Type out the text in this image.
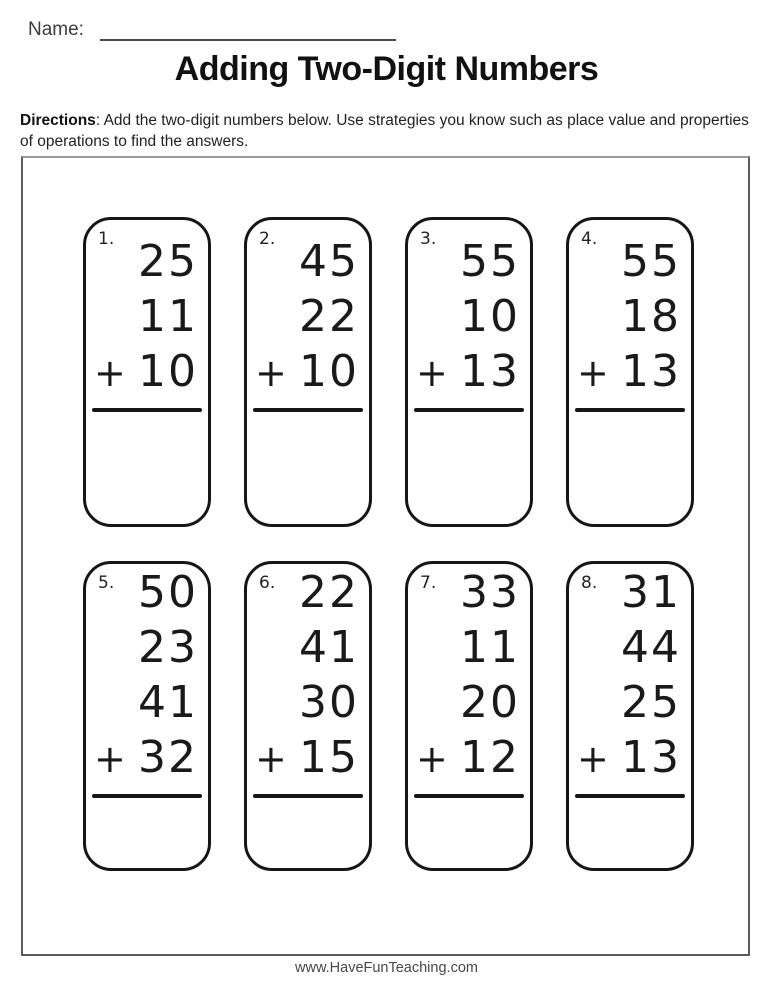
Name:
Adding Two-Digit Numbers

Directions: Add the two-digit numbers below. Use strategies you know such as place value and properties of operations to find the answers.

1. 25
11
+ 10
2. 45
22
+ 10
3. 55
10
+ 13
4. 55
18
+ 13
5. 50
23
41
+ 32
6. 22
41
30
+ 15
7. 33
11
20
+ 12
8. 31
44
25
+ 13
www.HaveFunTeaching.com
